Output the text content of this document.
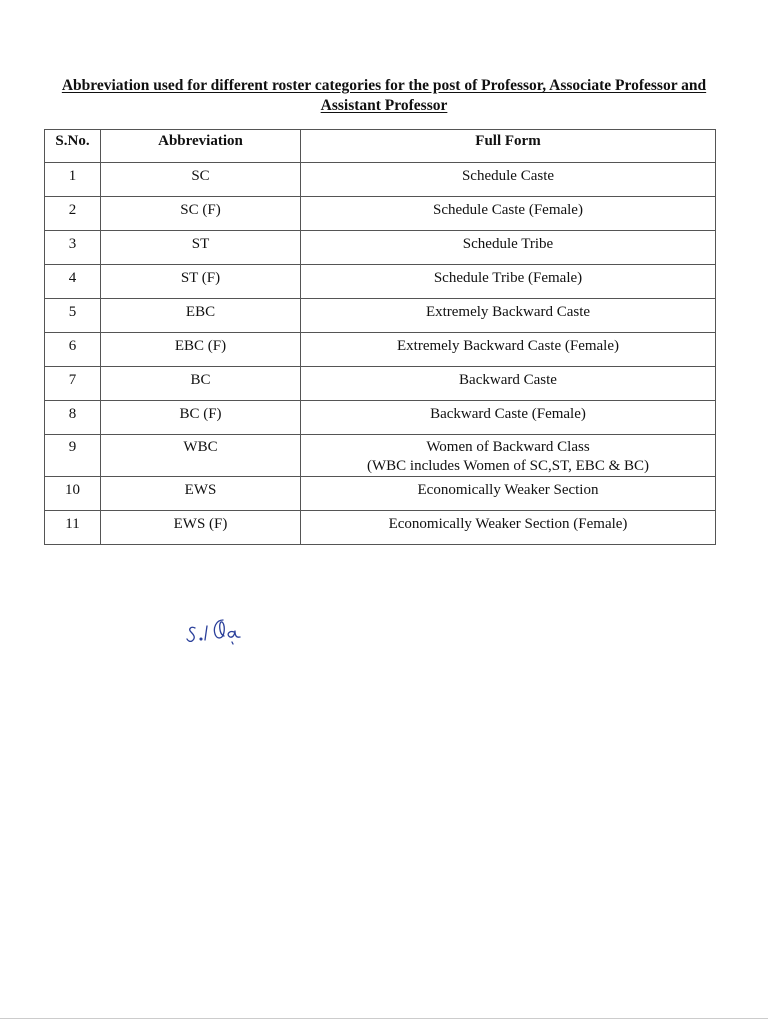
Abbreviation used for different roster categories for the post of Professor, Associate Professor and Assistant Professor
S.No.	Abbreviation	Full Form
1	SC	Schedule Caste
2	SC (F)	Schedule Caste (Female)
3	ST	Schedule Tribe
4	ST (F)	Schedule Tribe (Female)
5	EBC	Extremely Backward Caste
6	EBC (F)	Extremely Backward Caste (Female)
7	BC	Backward Caste
8	BC (F)	Backward Caste (Female)
9	WBC	Women of Backward Class
(WBC includes Women of SC,ST, EBC & BC)

10	EWS	Economically Weaker Section
11	EWS (F)	Economically Weaker Section (Female)
